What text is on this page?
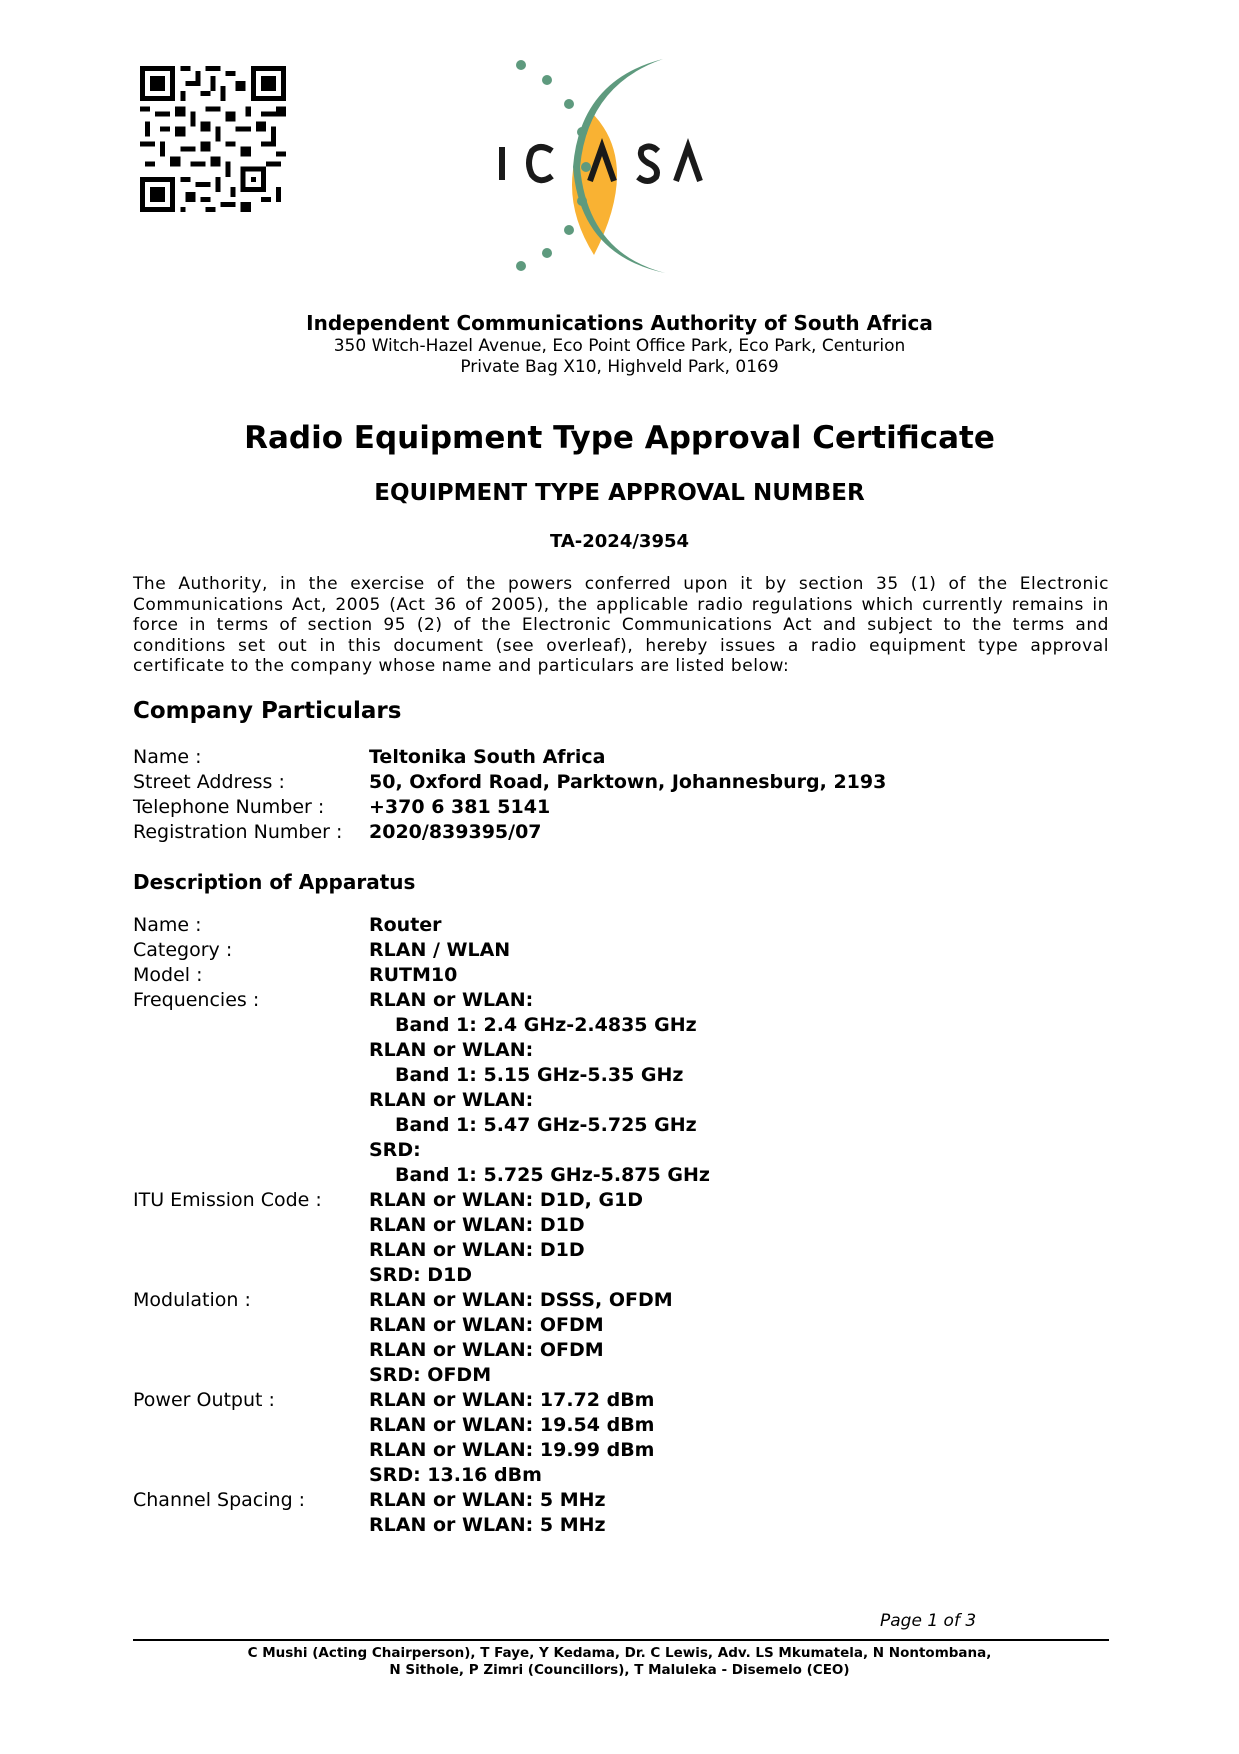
Independent Communications Authority of South Africa
350 Witch-Hazel Avenue, Eco Point Office Park, Eco Park, Centurion
Private Bag X10, Highveld Park, 0169
Radio Equipment Type Approval Certificate
EQUIPMENT TYPE APPROVAL NUMBER
TA-2024/3954

The Authority, in the exercise of the powers conferred upon it by section 35 (1) of the Electronic Communications Act, 2005 (Act 36 of 2005), the applicable radio regulations which currently remains in force in terms of section 95 (2) of the Electronic Communications Act and subject to the terms and conditions set out in this document (see overleaf), hereby issues a radio equipment type approval certificate to the company whose name and particulars are listed below:

Company Particulars
Name :	Teltonika South Africa
Street Address :	50, Oxford Road, Parktown, Johannesburg, 2193
Telephone Number :	+370 6 381 5141
Registration Number :	2020/839395/07
Description of Apparatus
Name :	Router
Category :	RLAN / WLAN
Model :	RUTM10
Frequencies :	RLAN or WLAN:
Band 1: 2.4 GHz-2.4835 GHz
RLAN or WLAN:
Band 1: 5.15 GHz-5.35 GHz
RLAN or WLAN:
Band 1: 5.47 GHz-5.725 GHz
SRD:
Band 1: 5.725 GHz-5.875 GHz
ITU Emission Code :	RLAN or WLAN: D1D, G1D
RLAN or WLAN: D1D
RLAN or WLAN: D1D
SRD: D1D
Modulation :	RLAN or WLAN: DSSS, OFDM
RLAN or WLAN: OFDM
RLAN or WLAN: OFDM
SRD: OFDM
Power Output :	RLAN or WLAN: 17.72 dBm
RLAN or WLAN: 19.54 dBm
RLAN or WLAN: 19.99 dBm
SRD: 13.16 dBm
Channel Spacing :	RLAN or WLAN: 5 MHz
RLAN or WLAN: 5 MHz
Page 1 of 3
C Mushi (Acting Chairperson), T Faye, Y Kedama, Dr. C Lewis, Adv. LS Mkumatela, N Nontombana,
N Sithole, P Zimri (Councillors), T Maluleka - Disemelo (CEO)
